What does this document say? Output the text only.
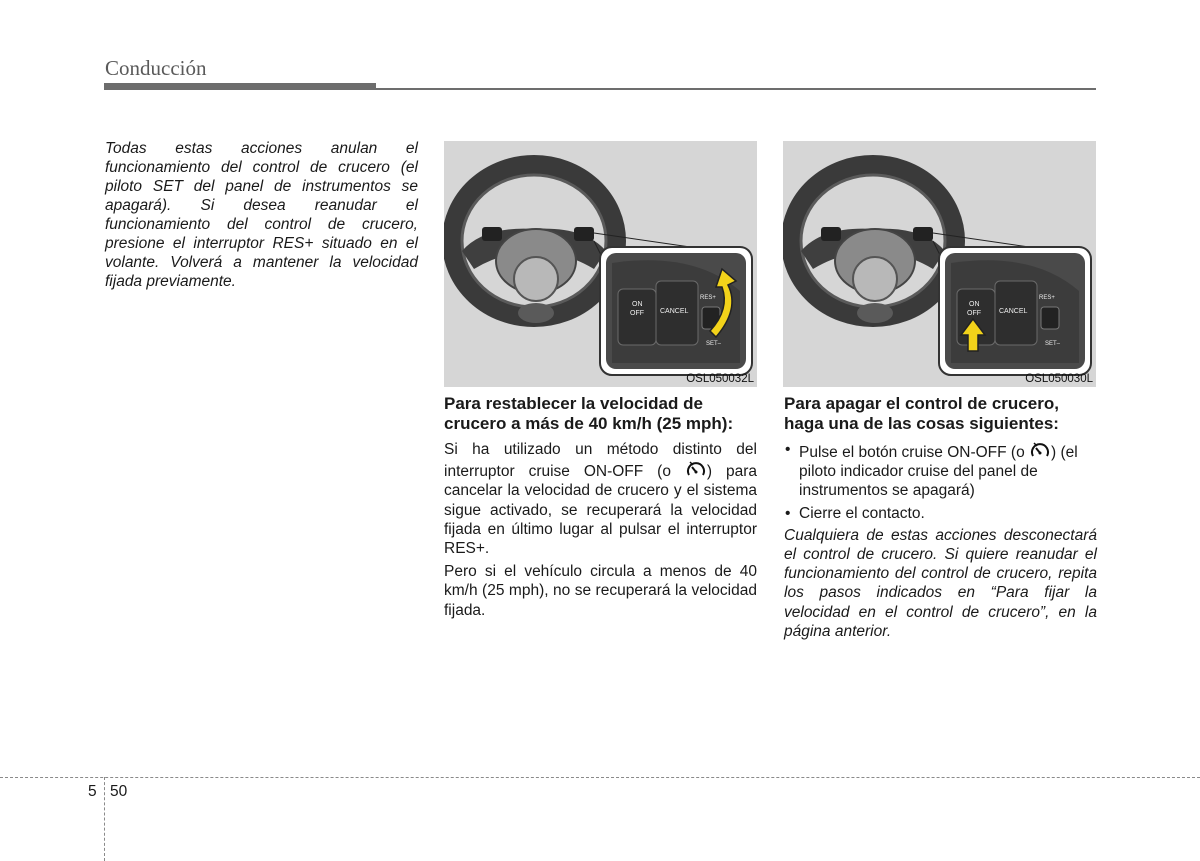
Conducción
Todas estas acciones anulan el funcionamiento del control de crucero (el piloto SET del panel de instrumentos se apagará). Si desea reanudar el funcionamiento del control de crucero, presione el interruptor RES+ situado en el volante. Volverá a mantener la velocidad fijada previamente.
ON
OFF CANCEL
RES+
SET–
OSL050032L
ON
OFF	CANCEL
RES+
SET–
OSL050030L
Para restablecer la velocidad de crucero a más de 40 km/h (25 mph):

Si ha utilizado un método distinto del interruptor cruise ON-OFF (o ) para cancelar la velocidad de crucero y el sistema sigue activado, se recuperará la velocidad fijada en último lugar al pulsar el interruptor RES+.

Pero si el vehículo circula a menos de 40 km/h (25 mph), no se recuperará la velocidad fijada.

Para apagar el control de crucero, haga una de las cosas siguientes:
• Pulse el botón cruise ON-OFF (o ) (el piloto indicador cruise del panel de instrumentos se apagará)
• Cierre el contacto.

Cualquiera de estas acciones desconectará el control de crucero. Si quiere reanudar el funcionamiento del control de crucero, repita los pasos indicados en “Para fijar la velocidad en el control de crucero”, en la página anterior.

5 50
